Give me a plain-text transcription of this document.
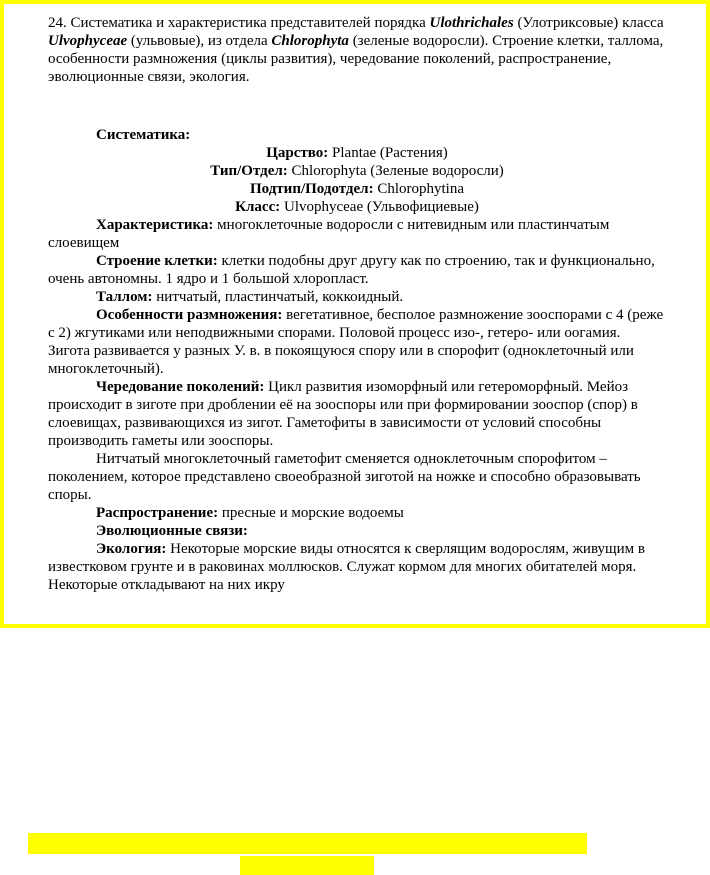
24. Систематика и характеристика представителей порядка Ulothrichales (Улотриксовые) класса Ulvophyceae (ульвовые), из отдела Chlorophyta (зеленые водоросли). Строение клетки, таллома, особенности размножения (циклы развития), чередование поколений, распространение, эволюционные связи, экология.

Систематика:

Царство: Plantae (Растения)

Тип/Отдел: Chlorophyta (Зеленые водоросли)

Подтип/Подотдел: Chlorophytina

Класс: Ulvophyceae (Ульвофициевые)

Характеристика: многоклеточные водоросли с нитевидным или пластинчатым слоевищем

Строение клетки: клетки подобны друг другу как по строению, так и функционально, очень автономны. 1 ядро и 1 большой хлоропласт.

Таллом: нитчатый, пластинчатый, коккоидный.

Особенности размножения: вегетативное, бесполое размножение зооспорами с 4 (реже с 2) жгутиками или неподвижными спорами. Половой процесс изо-, гетеро- или оогамия. Зигота развивается у разных У. в. в покоящуюся спору или в спорофит (одноклеточный или многоклеточный).

Чередование поколений: Цикл развития изоморфный или гетероморфный. Мейоз происходит в зиготе при дроблении её на зооспоры или при формировании зооспор (спор) в слоевищах, развивающихся из зигот. Гаметофиты в зависимости от условий способны производить гаметы или зооспоры.

Нитчатый многоклеточный гаметофит сменяется одноклеточным спорофитом – поколением, которое представлено своеобразной зиготой на ножке и способно образовывать споры.

Распространение: пресные и морские водоемы

Эволюционные связи:

Экология: Некоторые морские виды относятся к сверлящим водорослям, живущим в известковом грунте и в раковинах моллюсков. Служат кормом для многих обитателей моря. Некоторые откладывают на них икру
